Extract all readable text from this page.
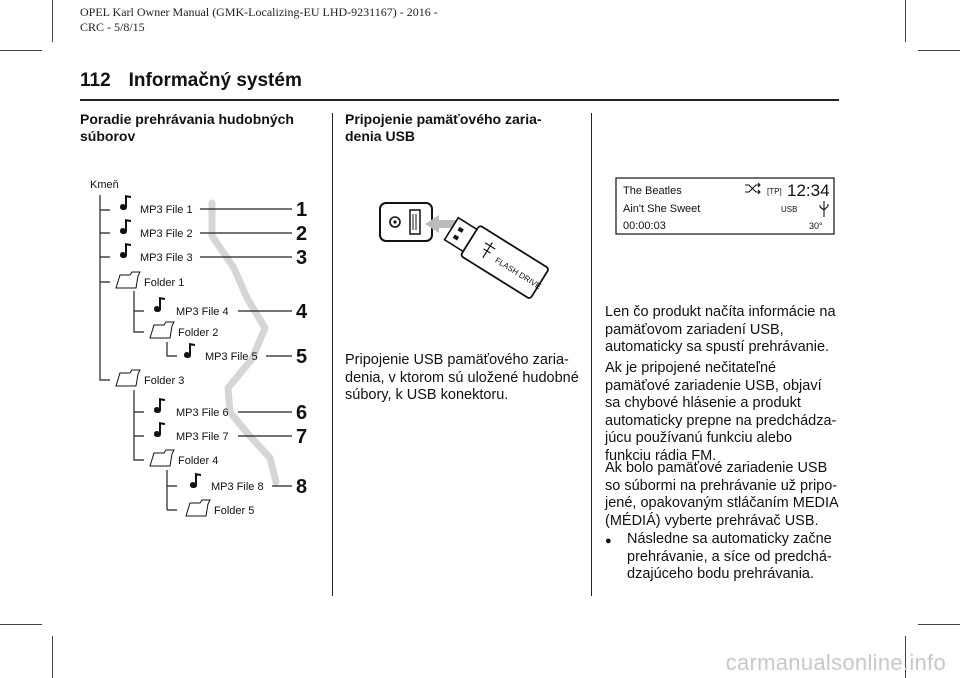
OPEL Karl Owner Manual (GMK-Localizing-EU LHD-9231167) - 2016 -
CRC - 5/8/15
112 Informačný systém
Poradie prehrávania hudobných
súborov
Kmeň
MP3 File 1
MP3 File 2
MP3 File 3
Folder 1
MP3 File 4
Folder 2
MP3 File 5
Folder 3
MP3 File 6
MP3 File 7
Folder 4
MP3 File 8
Folder 5
1
2
3
4
5
6
7
8
Pripojenie pamäťového zaria-
denia USB
FLASH DRIVE
Pripojenie USB pamäťového zaria-
denia, v ktorom sú uložené hudobné
súbory, k USB konektoru.
The Beatles
Ain't She Sweet
00:00:03
[TP] 12:34
USB
30°
Len čo produkt načíta informácie na
pamäťovom zariadení USB,
automaticky sa spustí prehrávanie.
Ak je pripojené nečitateľné
pamäťové zariadenie USB, objaví
sa chybové hlásenie a produkt
automaticky prepne na predchádza-
júcu používanú funkciu alebo
funkciu rádia FM.
Ak bolo pamäťové zariadenie USB
so súbormi na prehrávanie už pripo-
jené, opakovaným stláčaním MEDIA
(MÉDIÁ) vyberte prehrávač USB.
● Následne sa automaticky začne
prehrávanie, a síce od predchá-
dzajúceho bodu prehrávania.
carmanualsonline.info
